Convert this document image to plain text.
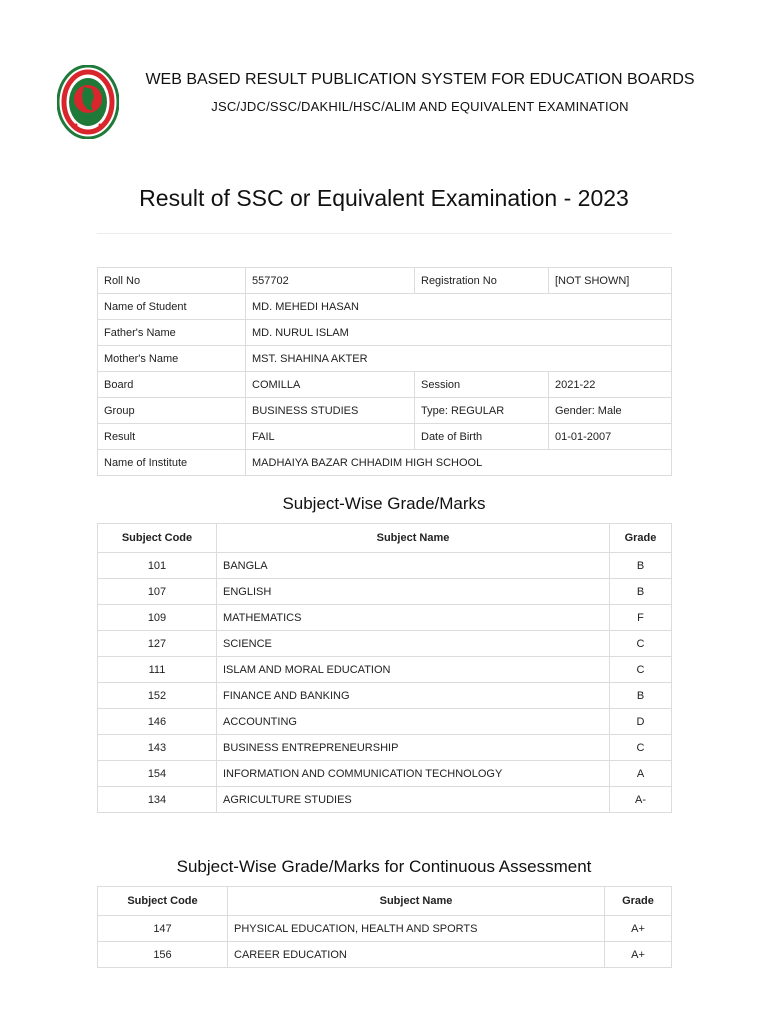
WEB BASED RESULT PUBLICATION SYSTEM FOR EDUCATION BOARDS
JSC/JDC/SSC/DAKHIL/HSC/ALIM AND EQUIVALENT EXAMINATION
Result of SSC or Equivalent Examination - 2023
Roll No	557702	Registration No	[NOT SHOWN]
Name of Student	MD. MEHEDI HASAN		
Father's Name	MD. NURUL ISLAM		
Mother's Name	MST. SHAHINA AKTER		
Board	COMILLA	Session	2021-22
Group	BUSINESS STUDIES	Type: REGULAR	Gender: Male
Result	FAIL	Date of Birth	01-01-2007
Name of Institute	MADHAIYA BAZAR CHHADIM HIGH SCHOOL		
Subject-Wise Grade/Marks
Subject Code	Subject Name	Grade
101	BANGLA	B
107	ENGLISH	B
109	MATHEMATICS	F
127	SCIENCE	C
111	ISLAM AND MORAL EDUCATION	C
152	FINANCE AND BANKING	B
146	ACCOUNTING	D
143	BUSINESS ENTREPRENEURSHIP	C
154	INFORMATION AND COMMUNICATION TECHNOLOGY	A
134	AGRICULTURE STUDIES	A-
Subject-Wise Grade/Marks for Continuous Assessment
Subject Code	Subject Name	Grade
147	PHYSICAL EDUCATION, HEALTH AND SPORTS	A+
156	CAREER EDUCATION	A+
